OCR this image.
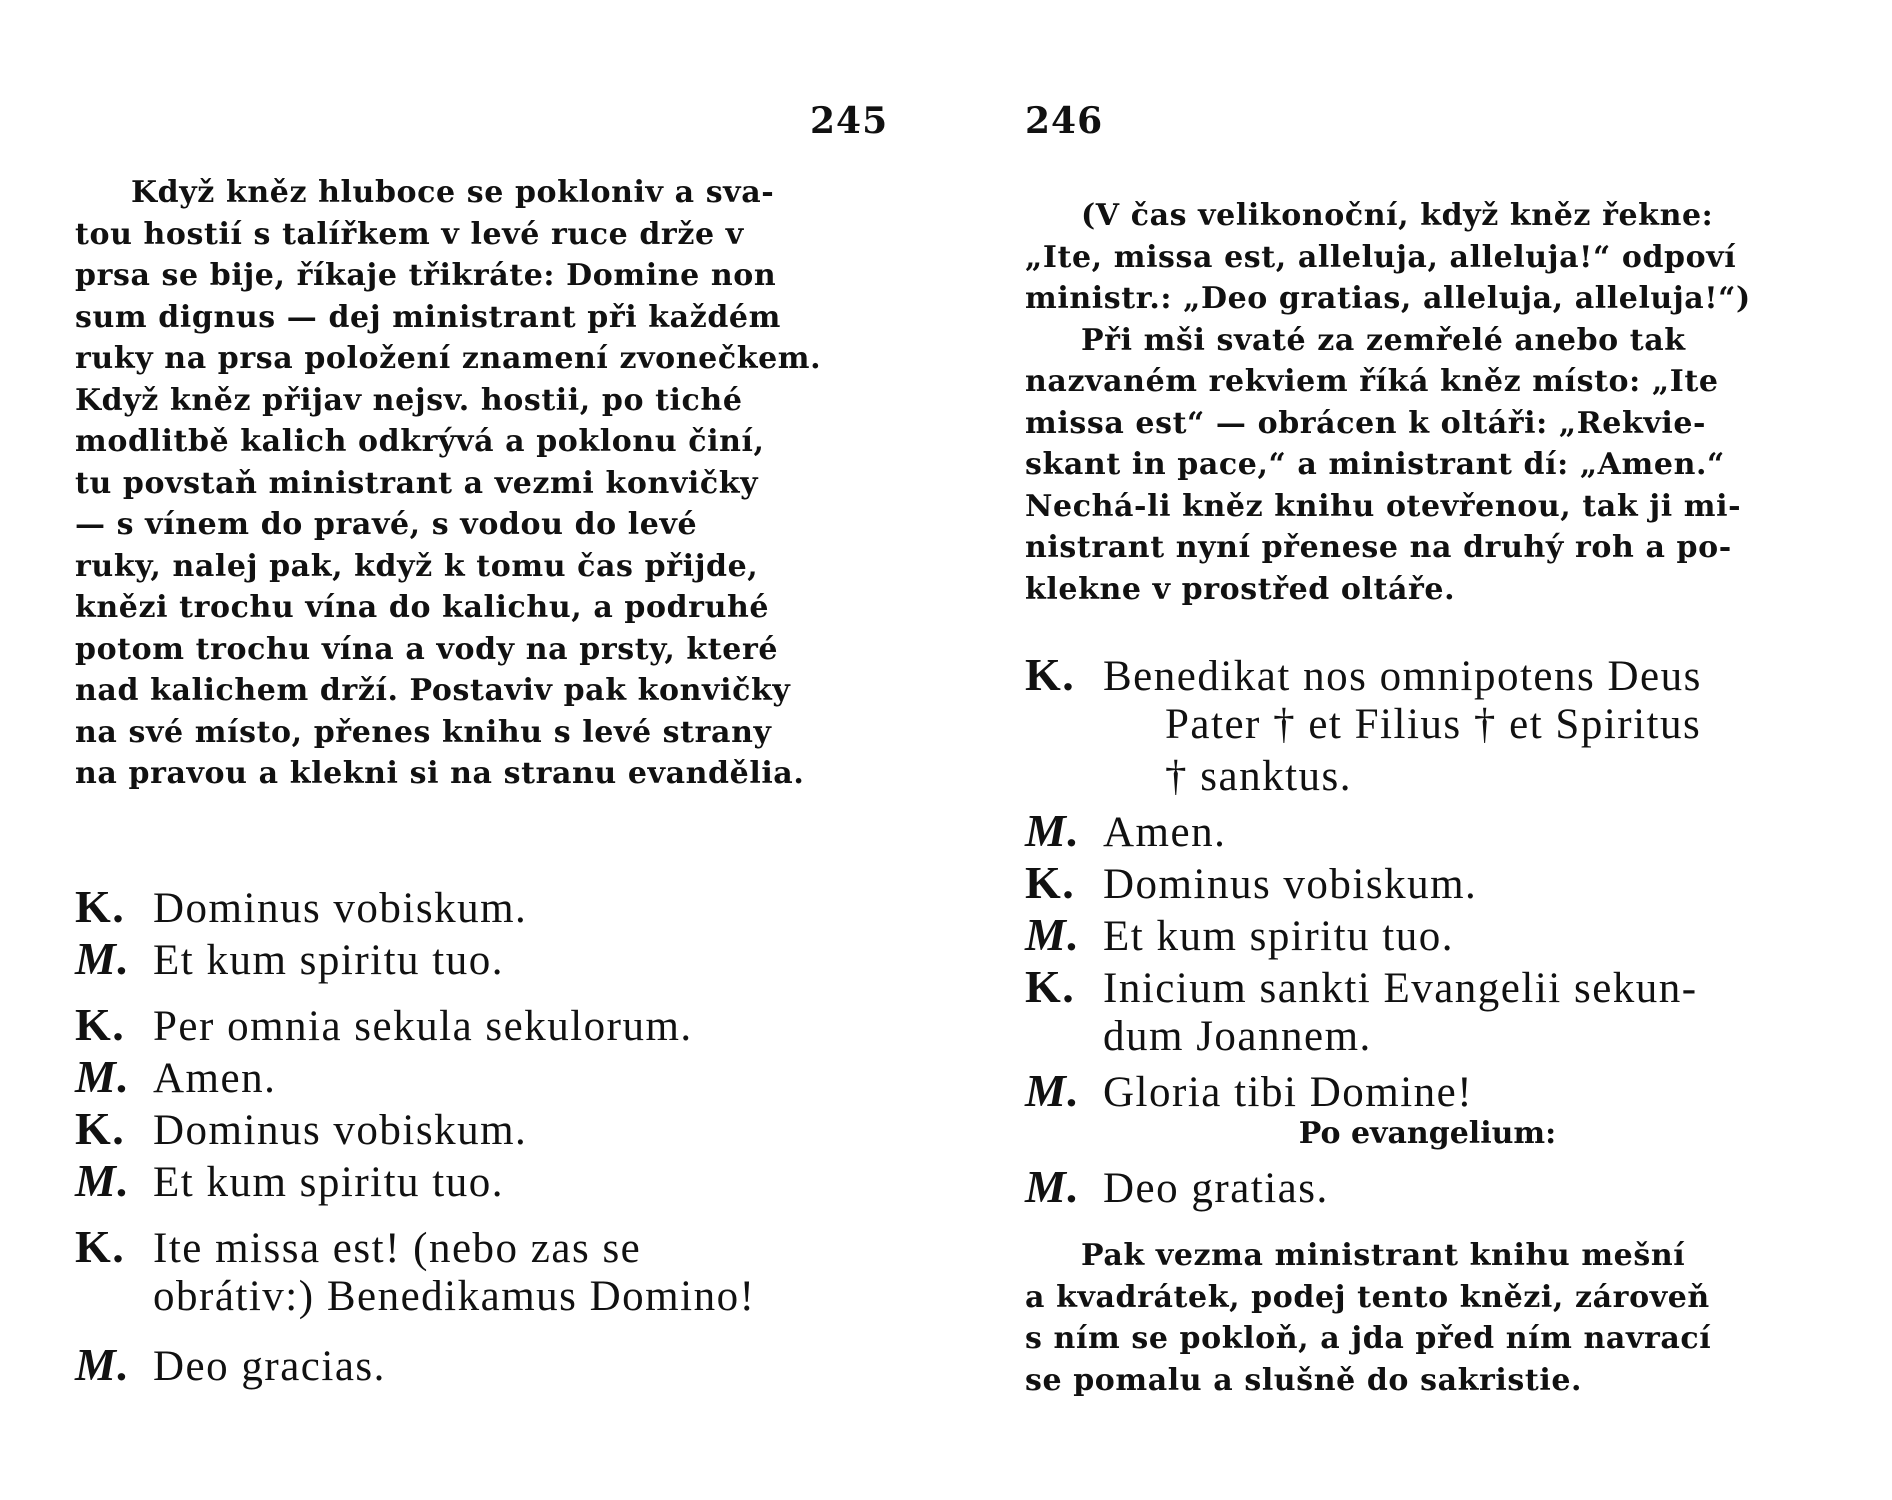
245

Když kněz hluboce se pokloniv a sva-

tou hostií s talířkem v levé ruce drže v

prsa se bije, říkaje třikráte: Domine non

sum dignus — dej ministrant při každém

ruky na prsa položení znamení zvonečkem.

Když kněz přijav nejsv. hostii, po tiché

modlitbě kalich odkrývá a poklonu činí,

tu povstaň ministrant a vezmi konvičky

— s vínem do pravé, s vodou do levé

ruky, nalej pak, když k tomu čas přijde,

knězi trochu vína do kalichu, a podruhé

potom trochu vína a vody na prsty, které

nad kalichem drží. Postaviv pak konvičky

na své místo, přenes knihu s levé strany

na pravou a klekni si na stranu evandělia.

K. Dominus vobiskum.
M. Et kum spiritu tuo.
K. Per omnia sekula sekulorum.
M. Amen.
K. Dominus vobiskum.
M. Et kum spiritu tuo.
K. Ite missa est! (nebo zas se
obrátiv:) Benedikamus Domino!
M. Deo gracias.
246

(V čas velikonoční, když kněz řekne:

„Ite, missa est, alleluja, alleluja!“ odpoví

ministr.: „Deo gratias, alleluja, alleluja!“)

Při mši svaté za zemřelé anebo tak

nazvaném rekviem říká kněz místo: „Ite

missa est“ — obrácen k oltáři: „Rekvie-

skant in pace,“ a ministrant dí: „Amen.“

Nechá-li kněz knihu otevřenou, tak ji mi-

nistrant nyní přenese na druhý roh a po-

klekne v prostřed oltáře.

K. Benedikat nos omnipotens Deus
Pater † et Filius † et Spiritus
† sanktus.
M. Amen.
K. Dominus vobiskum.
M. Et kum spiritu tuo.
K. Inicium sankti Evangelii sekun-
dum Joannem.
M. Gloria tibi Domine!
Po evangelium:
M. Deo gratias.

Pak vezma ministrant knihu mešní

a kvadrátek, podej tento knězi, zároveň

s ním se pokloň, a jda před ním navrací

se pomalu a slušně do sakristie.
